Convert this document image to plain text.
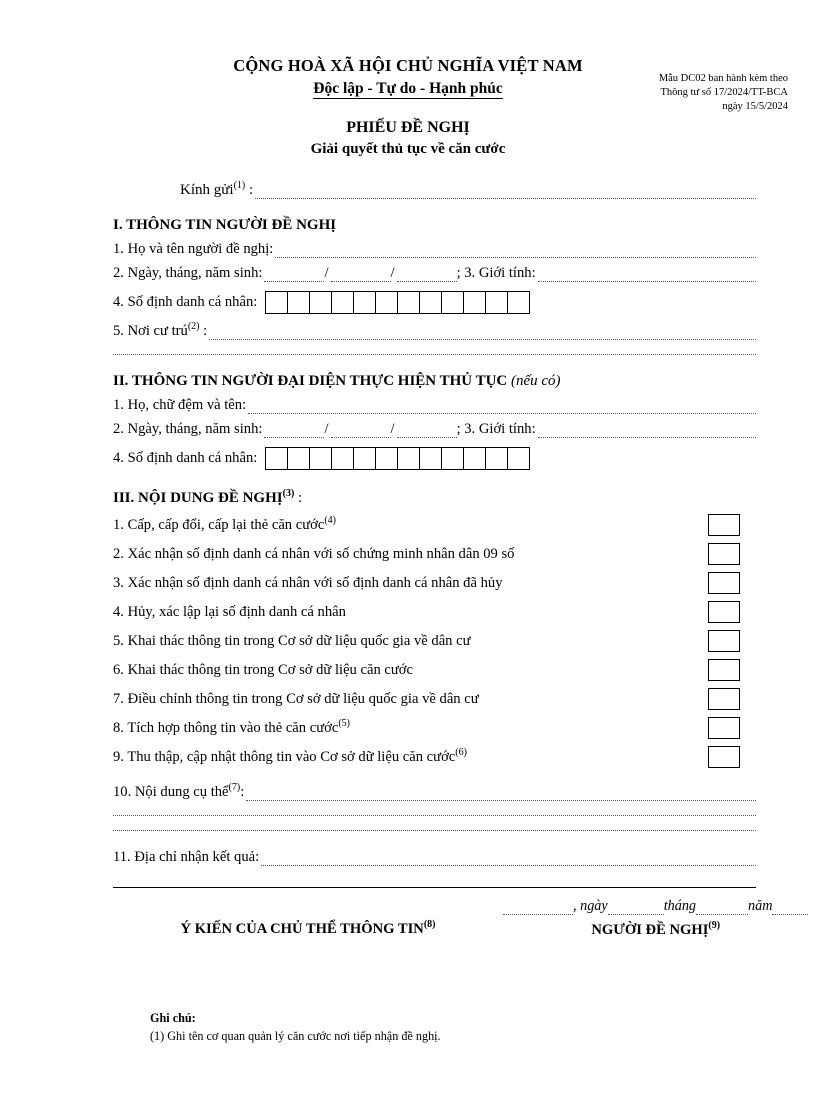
Mẫu DC02 ban hành kèm theo
Thông tư số 17/2024/TT-BCA
ngày 15/5/2024
CỘNG HOÀ XÃ HỘI CHỦ NGHĨA VIỆT NAM
Độc lập - Tự do - Hạnh phúc
PHIẾU ĐỀ NGHỊ
Giải quyết thủ tục về căn cước
Kính gửi$^{(1)}$ :
I. THÔNG TIN NGƯỜI ĐỀ NGHỊ
1. Họ và tên người đề nghị:
2. Ngày, tháng, năm sinh:	/	/	; 3. Giới tính:
4. Số định danh cá nhân:
5. Nơi cư trú$^{(2)}$ :
II. THÔNG TIN NGƯỜI ĐẠI DIỆN THỰC HIỆN THỦ TỤC (nếu có)
1. Họ, chữ đệm và tên:
2. Ngày, tháng, năm sinh:	/	/	; 3. Giới tính:
4. Số định danh cá nhân:
III. NỘI DUNG ĐỀ NGHỊ$^{(3)}$ :
1. Cấp, cấp đổi, cấp lại thẻ căn cước$^{(4)}$
2. Xác nhận số định danh cá nhân với số chứng minh nhân dân 09 số
3. Xác nhận số định danh cá nhân với số định danh cá nhân đã hủy
4. Hủy, xác lập lại số định danh cá nhân
5. Khai thác thông tin trong Cơ sở dữ liệu quốc gia về dân cư
6. Khai thác thông tin trong Cơ sở dữ liệu căn cước
7. Điều chỉnh thông tin trong Cơ sở dữ liệu quốc gia về dân cư
8. Tích hợp thông tin vào thẻ căn cước$^{(5)}$
9. Thu thập, cập nhật thông tin vào Cơ sở dữ liệu căn cước$^{(6)}$
10. Nội dung cụ thể$^{(7)}$:
11. Địa chỉ nhận kết quả:
Ý KIẾN CỦA CHỦ THỂ THÔNG TIN$^{(8)}$
, ngày	tháng	năm
NGƯỜI ĐỀ NGHỊ$^{(9)}$
Ghi chú:
(1) Ghi tên cơ quan quản lý căn cước nơi tiếp nhận đề nghị.
